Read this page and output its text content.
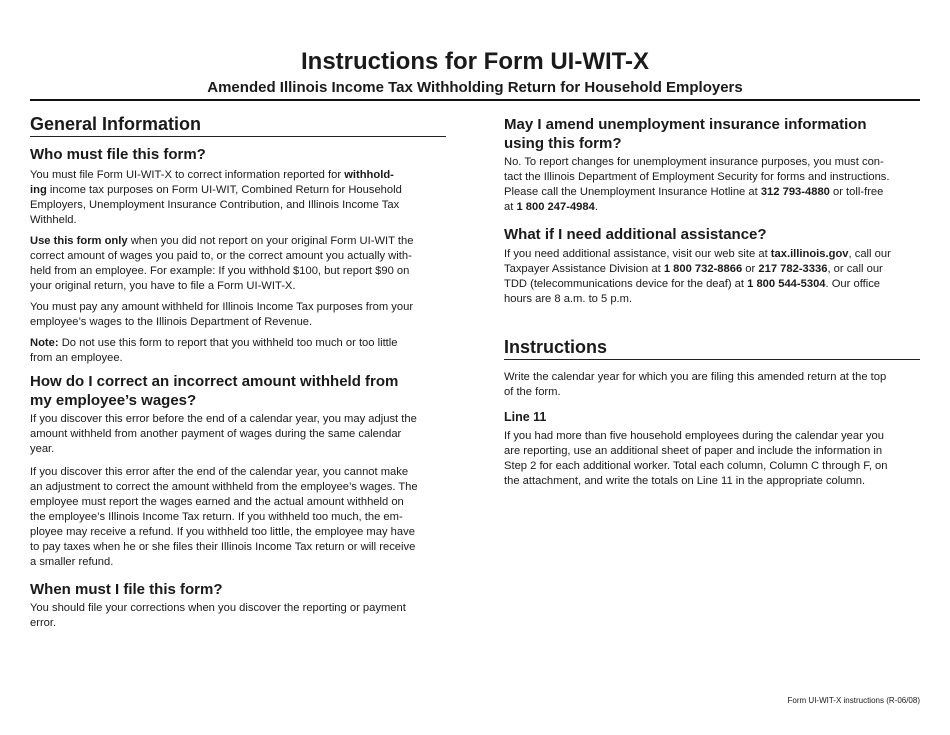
Instructions for Form UI-WIT-X
Amended Illinois Income Tax Withholding Return for Household Employers
General Information
Who must file this form?

You must file Form UI-WIT-X to correct information reported for withhold-
ing income tax purposes on Form UI-WIT, Combined Return for Household
Employers, Unemployment Insurance Contribution, and Illinois Income Tax
Withheld.

Use this form only when you did not report on your original Form UI-WIT the
correct amount of wages you paid to, or the correct amount you actually with-
held from an employee. For example: If you withhold $100, but report $90 on
your original return, you have to file a Form UI-WIT-X.

You must pay any amount withheld for Illinois Income Tax purposes from your
employee’s wages to the Illinois Department of Revenue.

Note: Do not use this form to report that you withheld too much or too little
from an employee.

How do I correct an incorrect amount withheld from
my employee’s wages?

If you discover this error before the end of a calendar year, you may adjust the
amount withheld from another payment of wages during the same calendar
year.

If you discover this error after the end of the calendar year, you cannot make
an adjustment to correct the amount withheld from the employee’s wages. The
employee must report the wages earned and the actual amount withheld on
the employee’s Illinois Income Tax return. If you withheld too much, the em-
ployee may receive a refund. If you withheld too little, the employee may have
to pay taxes when he or she files their Illinois Income Tax return or will receive
a smaller refund.

When must I file this form?

You should file your corrections when you discover the reporting or payment
error.

May I amend unemployment insurance information
using this form?

No. To report changes for unemployment insurance purposes, you must con-
tact the Illinois Department of Employment Security for forms and instructions.
Please call the Unemployment Insurance Hotline at 312 793-4880 or toll-free
at 1 800 247-4984.

What if I need additional assistance?

If you need additional assistance, visit our web site at tax.illinois.gov, call our
Taxpayer Assistance Division at 1 800 732-8866 or 217 782-3336, or call our
TDD (telecommunications device for the deaf) at 1 800 544-5304. Our office
hours are 8 a.m. to 5 p.m.

Instructions

Write the calendar year for which you are filing this amended return at the top
of the form.

Line 11

If you had more than five household employees during the calendar year you
are reporting, use an additional sheet of paper and include the information in
Step 2 for each additional worker. Total each column, Column C through F, on
the attachment, and write the totals on Line 11 in the appropriate column.

Form UI-WIT-X instructions (R-06/08)
